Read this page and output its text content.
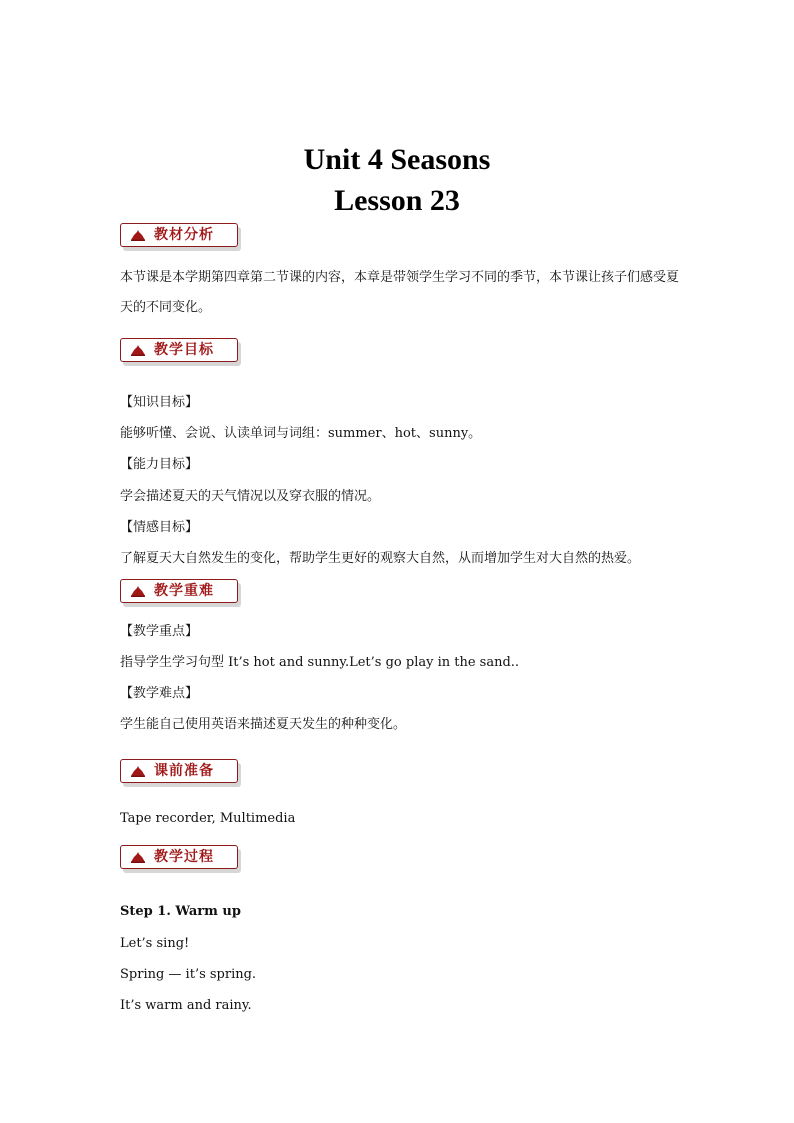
Unit 4 Seasons
Lesson 23
教材分析
本节课是本学期第四章第二节课的内容，本章是带领学生学习不同的季节，本节课让孩子们感受夏天的不同变化。
教学目标
【知识目标】
能够听懂、会说、认读单词与词组：summer、hot、sunny。
【能力目标】
学会描述夏天的天气情况以及穿衣服的情况。
【情感目标】
了解夏天大自然发生的变化，帮助学生更好的观察大自然，从而增加学生对大自然的热爱。
教学重难
【教学重点】
指导学生学习句型 It’s hot and sunny.Let’s go play in the sand..
【教学难点】
学生能自己使用英语来描述夏天发生的种种变化。
课前准备
Tape recorder, Multimedia
教学过程
Step 1. Warm up
Let’s sing!
Spring — it’s spring.
It’s warm and rainy.
